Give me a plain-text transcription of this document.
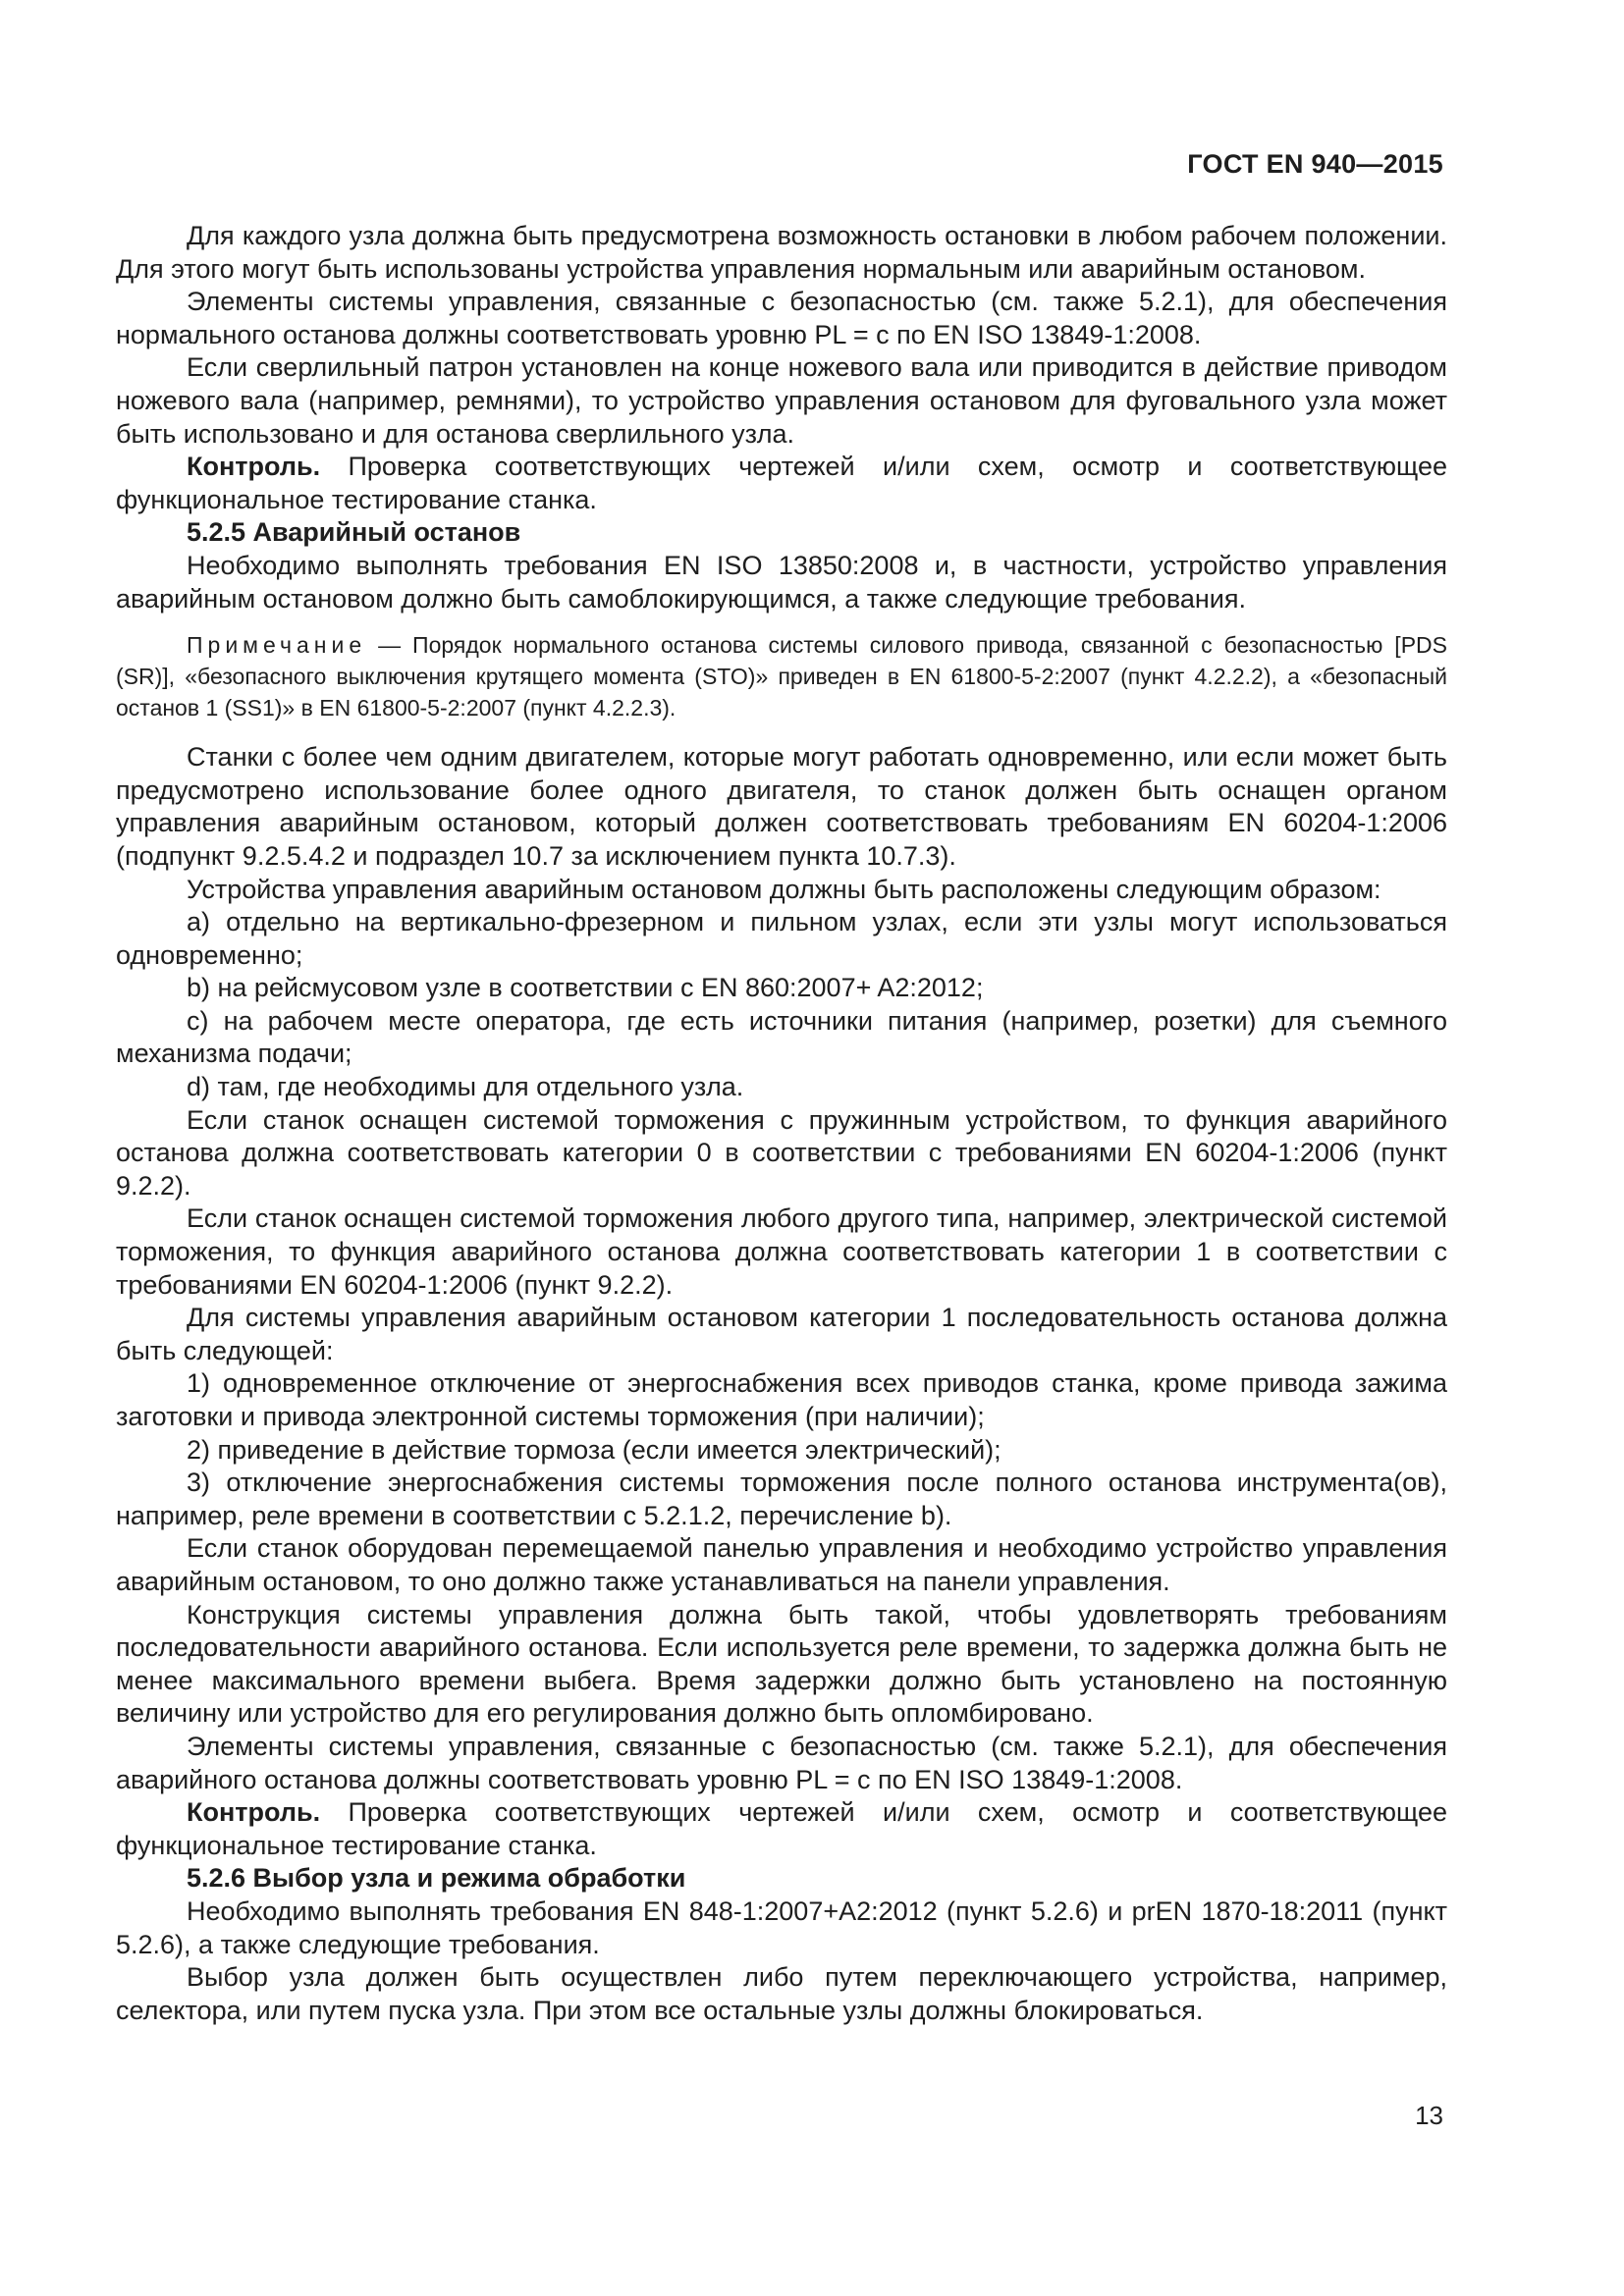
ГОСТ EN 940—2015

Для каждого узла должна быть предусмотрена возможность остановки в любом рабочем положении. Для этого могут быть использованы устройства управления нормальным или аварийным остановом.

Элементы системы управления, связанные с безопасностью (см. также 5.2.1), для обеспечения нормального останова должны соответствовать уровню PL = с по EN ISO 13849-1:2008.

Если сверлильный патрон установлен на конце ножевого вала или приводится в действие приводом ножевого вала (например, ремнями), то устройство управления остановом для фуговального узла может быть использовано и для останова сверлильного узла.

Контроль. Проверка соответствующих чертежей и/или схем, осмотр и соответствующее функциональное тестирование станка.

5.2.5 Аварийный останов

Необходимо выполнять требования EN ISO 13850:2008 и, в частности, устройство управления аварийным остановом должно быть самоблокирующимся, а также следующие требования.

Примечание — Порядок нормального останова системы силового привода, связанной с безопасностью [PDS (SR)], «безопасного выключения крутящего момента (STO)» приведен в EN 61800-5-2:2007 (пункт 4.2.2.2), а «безопасный останов 1 (SS1)» в EN 61800-5-2:2007 (пункт 4.2.2.3).

Станки с более чем одним двигателем, которые могут работать одновременно, или если может быть предусмотрено использование более одного двигателя, то станок должен быть оснащен органом управления аварийным остановом, который должен соответствовать требованиям EN 60204-1:2006 (подпункт 9.2.5.4.2 и подраздел 10.7 за исключением пункта 10.7.3).

Устройства управления аварийным остановом должны быть расположены следующим образом:

а) отдельно на вертикально-фрезерном и пильном узлах, если эти узлы могут использоваться одновременно;

b) на рейсмусовом узле в соответствии с EN 860:2007+ A2:2012;

с) на рабочем месте оператора, где есть источники питания (например, розетки) для съемного механизма подачи;

d) там, где необходимы для отдельного узла.

Если станок оснащен системой торможения с пружинным устройством, то функция аварийного останова должна соответствовать категории 0 в соответствии с требованиями EN 60204-1:2006 (пункт 9.2.2).

Если станок оснащен системой торможения любого другого типа, например, электрической системой торможения, то функция аварийного останова должна соответствовать категории 1 в соответствии с требованиями EN 60204-1:2006 (пункт 9.2.2).

Для системы управления аварийным остановом категории 1 последовательность останова должна быть следующей:

1) одновременное отключение от энергоснабжения всех приводов станка, кроме привода зажима заготовки и привода электронной системы торможения (при наличии);

2) приведение в действие тормоза (если имеется электрический);

3) отключение энергоснабжения системы торможения после полного останова инструмента(ов), например, реле времени в соответствии с 5.2.1.2, перечисление b).

Если станок оборудован перемещаемой панелью управления и необходимо устройство управления аварийным остановом, то оно должно также устанавливаться на панели управления.

Конструкция системы управления должна быть такой, чтобы удовлетворять требованиям последовательности аварийного останова. Если используется реле времени, то задержка должна быть не менее максимального времени выбега. Время задержки должно быть установлено на постоянную величину или устройство для его регулирования должно быть опломбировано.

Элементы системы управления, связанные с безопасностью (см. также 5.2.1), для обеспечения аварийного останова должны соответствовать уровню PL = с по EN ISO 13849-1:2008.

Контроль. Проверка соответствующих чертежей и/или схем, осмотр и соответствующее функциональное тестирование станка.

5.2.6 Выбор узла и режима обработки

Необходимо выполнять требования EN 848-1:2007+А2:2012 (пункт 5.2.6) и prEN 1870-18:2011 (пункт 5.2.6), а также следующие требования.

Выбор узла должен быть осуществлен либо путем переключающего устройства, например, селектора, или путем пуска узла. При этом все остальные узлы должны блокироваться.

13
